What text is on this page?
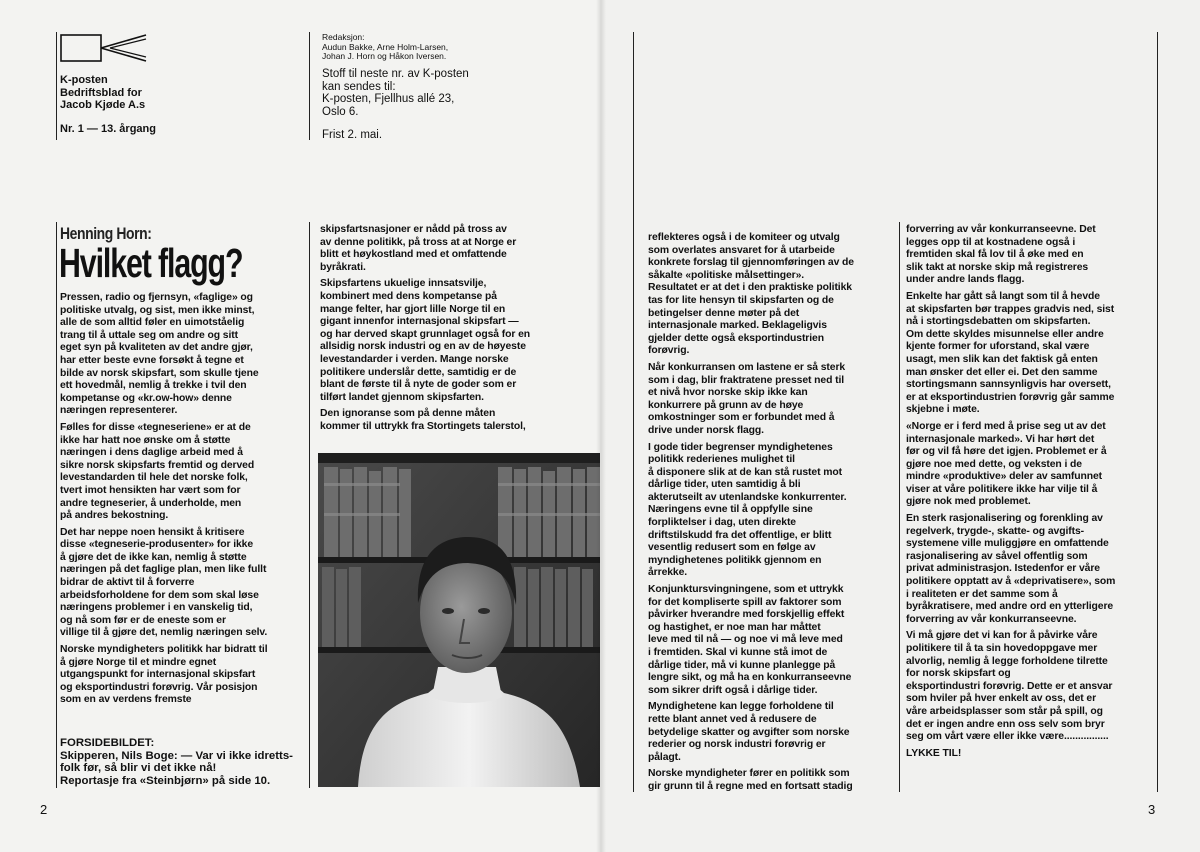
K-posten
Bedriftsblad for
Jacob Kjøde A.s
Nr. 1 — 13. årgang
Redaksjon:
Audun Bakke, Arne Holm-Larsen,
Johan J. Horn og Håkon Iversen.
Stoff til neste nr. av K-posten
kan sendes til:
K-posten, Fjellhus allé 23,
Oslo 6.
Frist 2. mai.
Henning Horn:
Hvilket flagg?

Pressen, radio og fjernsyn, «faglige» og
politiske utvalg, og sist, men ikke minst,
alle de som alltid føler en uimotståelig
trang til å uttale seg om andre og sitt
eget syn på kvaliteten av det andre gjør,
har etter beste evne forsøkt å tegne et
bilde av norsk skipsfart, som skulle tjene
ett hovedmål, nemlig å trekke i tvil den
kompetanse og «kr.ow-how» denne
næringen representerer.

Følles for disse «tegneseriene» er at de
ikke har hatt noe ønske om å støtte
næringen i dens daglige arbeid med å
sikre norsk skipsfarts fremtid og derved
levestandarden til hele det norske folk,
tvert imot hensikten har vært som for
andre tegneserier, å underholde, men
på andres bekostning.

Det har neppe noen hensikt å kritisere
disse «tegneserie-produsenter» for ikke
å gjøre det de ikke kan, nemlig å støtte
næringen på det faglige plan, men like fullt
bidrar de aktivt til å forverre
arbeidsforholdene for dem som skal løse
næringens problemer i en vanskelig tid,
og nå som før er de eneste som er
villige til å gjøre det, nemlig næringen selv.

Norske myndigheters politikk har bidratt til
å gjøre Norge til et mindre egnet
utgangspunkt for internasjonal skipsfart
og eksportindustri forøvrig. Vår posisjon
som en av verdens fremste

skipsfartsnasjoner er nådd på tross av
av denne politikk, på tross at at Norge er
blitt et høykostland med et omfattende
byråkrati.

Skipsfartens ukuelige innsatsvilje,
kombinert med dens kompetanse på
mange felter, har gjort lille Norge til en
gigant innenfor internasjonal skipsfart —
og har derved skapt grunnlaget også for en
allsidig norsk industri og en av de høyeste
levestandarder i verden. Mange norske
politikere underslår dette, samtidig er de
blant de første til å nyte de goder som er
tilført landet gjennom skipsfarten.

Den ignoranse som på denne måten
kommer til uttrykk fra Stortingets talerstol,

FORSIDEBILDET:
Skipperen, Nils Boge: — Var vi ikke idretts-
folk før, så blir vi det ikke nå!
Reportasje fra «Steinbjørn» på side 10.
2

reflekteres også i de komiteer og utvalg
som overlates ansvaret for å utarbeide
konkrete forslag til gjennomføringen av de
såkalte «politiske målsettinger».
Resultatet er at det i den praktiske politikk
tas for lite hensyn til skipsfarten og de
betingelser denne møter på det
internasjonale marked. Beklageligvis
gjelder dette også eksportindustrien
forøvrig.

Når konkurransen om lastene er så sterk
som i dag, blir fraktratene presset ned til
et nivå hvor norske skip ikke kan
konkurrere på grunn av de høye
omkostninger som er forbundet med å
drive under norsk flagg.

I gode tider begrenser myndighetenes
politikk rederienes mulighet til
å disponere slik at de kan stå rustet mot
dårlige tider, uten samtidig å bli
akterutseilt av utenlandske konkurrenter.
Næringens evne til å oppfylle sine
forpliktelser i dag, uten direkte
driftstilskudd fra det offentlige, er blitt
vesentlig redusert som en følge av
myndighetenes politikk gjennom en
årrekke.

Konjunktursvingningene, som et uttrykk
for det kompliserte spill av faktorer som
påvirker hverandre med forskjellig effekt
og hastighet, er noe man har måttet
leve med til nå — og noe vi må leve med
i fremtiden. Skal vi kunne stå imot de
dårlige tider, må vi kunne planlegge på
lengre sikt, og må ha en konkurranseevne
som sikrer drift også i dårlige tider.

Myndighetene kan legge forholdene til
rette blant annet ved å redusere de
betydelige skatter og avgifter som norske
rederier og norsk industri forøvrig er
pålagt.

Norske myndigheter fører en politikk som
gir grunn til å regne med en fortsatt stadig

forverring av vår konkurranseevne. Det
legges opp til at kostnadene også i
fremtiden skal få lov til å øke med en
slik takt at norske skip må registreres
under andre lands flagg.

Enkelte har gått så langt som til å hevde
at skipsfarten bør trappes gradvis ned, sist
nå i stortingsdebatten om skipsfarten.
Om dette skyldes misunnelse eller andre
kjente former for uforstand, skal være
usagt, men slik kan det faktisk gå enten
man ønsker det eller ei. Det den samme
stortingsmann sannsynligvis har oversett,
er at eksportindustrien forøvrig går samme
skjebne i møte.

«Norge er i ferd med å prise seg ut av det
internasjonale marked». Vi har hørt det
før og vil få høre det igjen. Problemet er å
gjøre noe med dette, og veksten i de
mindre «produktive» deler av samfunnet
viser at våre politikere ikke har vilje til å
gjøre nok med problemet.

En sterk rasjonalisering og forenkling av
regelverk, trygde-, skatte- og avgifts-
systemene ville muliggjøre en omfattende
rasjonalisering av såvel offentlig som
privat administrasjon. Istedenfor er våre
politikere opptatt av å «deprivatisere», som
i realiteten er det samme som å
byråkratisere, med andre ord en ytterligere
forverring av vår konkurranseevne.

Vi må gjøre det vi kan for å påvirke våre
politikere til å ta sin hovedoppgave mer
alvorlig, nemlig å legge forholdene tilrette
for norsk skipsfart og
eksportindustri forøvrig. Dette er et ansvar
som hviler på hver enkelt av oss, det er
våre arbeidsplasser som står på spill, og
det er ingen andre enn oss selv som bryr
seg om vårt være eller ikke være................

LYKKE TIL!

3
